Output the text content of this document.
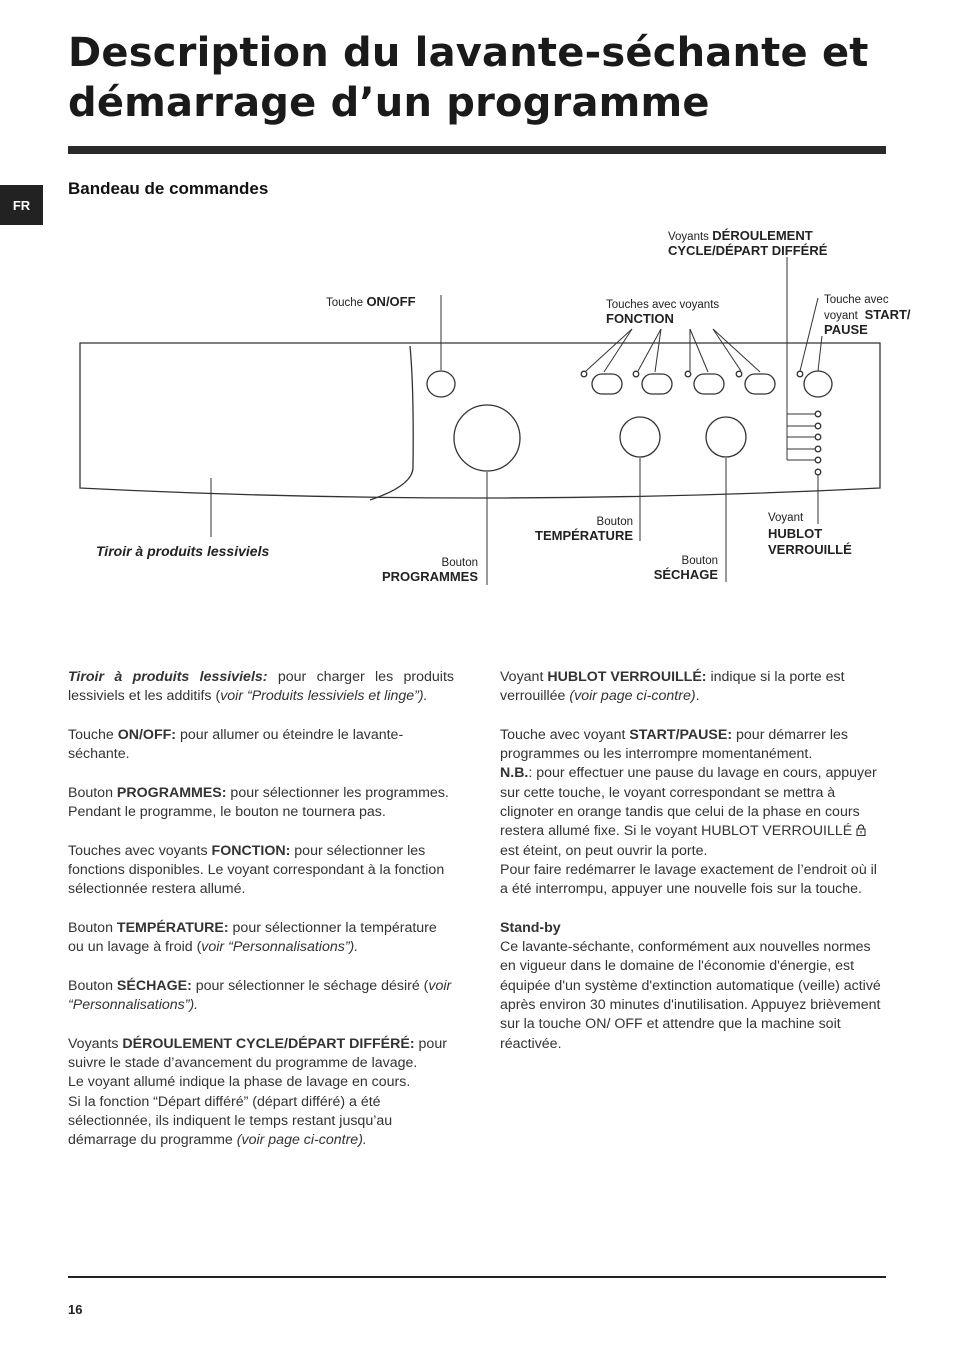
Description du lavante-séchante et démarrage d’un programme
FR
Bandeau de commandes
Voyants DÉROULEMENT
CYCLE/DÉPART DIFFÉRÉ
Touche ON/OFF	Touches avec voyants
FONCTION
Touche avec
voyant START/
PAUSE
Tiroir à produits lessiviels
Bouton
PROGRAMMES
Bouton
TEMPÉRATURE
Bouton
SÉCHAGE
Voyant
HUBLOT
VERROUILLÉ

Tiroir à produits lessiviels: pour charger les produits lessiviels et les additifs (voir “Produits lessiviels et linge”).

Touche ON/OFF: pour allumer ou éteindre le lavante-séchante.

Bouton PROGRAMMES: pour sélectionner les programmes. Pendant le programme, le bouton ne tournera pas.

Touches avec voyants FONCTION: pour sélectionner les fonctions disponibles. Le voyant correspondant à la fonction sélectionnée restera allumé.

Bouton TEMPÉRATURE: pour sélectionner la température ou un lavage à froid (voir “Personnalisations”).

Bouton SÉCHAGE: pour sélectionner le séchage désiré (voir “Personnalisations”).

Voyants DÉROULEMENT CYCLE/DÉPART DIFFÉRÉ: pour suivre le stade d’avancement du programme de lavage.
Le voyant allumé indique la phase de lavage en cours.
Si la fonction “Départ différé” (départ différé) a été sélectionnée, ils indiquent le temps restant jusqu’au démarrage du programme (voir page ci-contre).

Voyant HUBLOT VERROUILLÉ: indique si la porte est verrouillée (voir page ci-contre).

Touche avec voyant START/PAUSE: pour démarrer les programmes ou les interrompre momentanément.
N.B.: pour effectuer une pause du lavage en cours, appuyer sur cette touche, le voyant correspondant se mettra à clignoter en orange tandis que celui de la phase en cours restera allumé fixe. Si le voyant HUBLOT VERROUILLÉ  est éteint, on peut ouvrir la porte.

Pour faire redémarrer le lavage exactement de l’endroit où il a été interrompu, appuyer une nouvelle fois sur la touche.

Stand-by

Ce lavante-séchante, conformément aux nouvelles normes en vigueur dans le domaine de l'économie d'énergie, est équipée d'un système d'extinction automatique (veille) activé après environ 30 minutes d'inutilisation. Appuyez brièvement sur la touche ON/ OFF et attendre que la machine soit réactivée.

16
